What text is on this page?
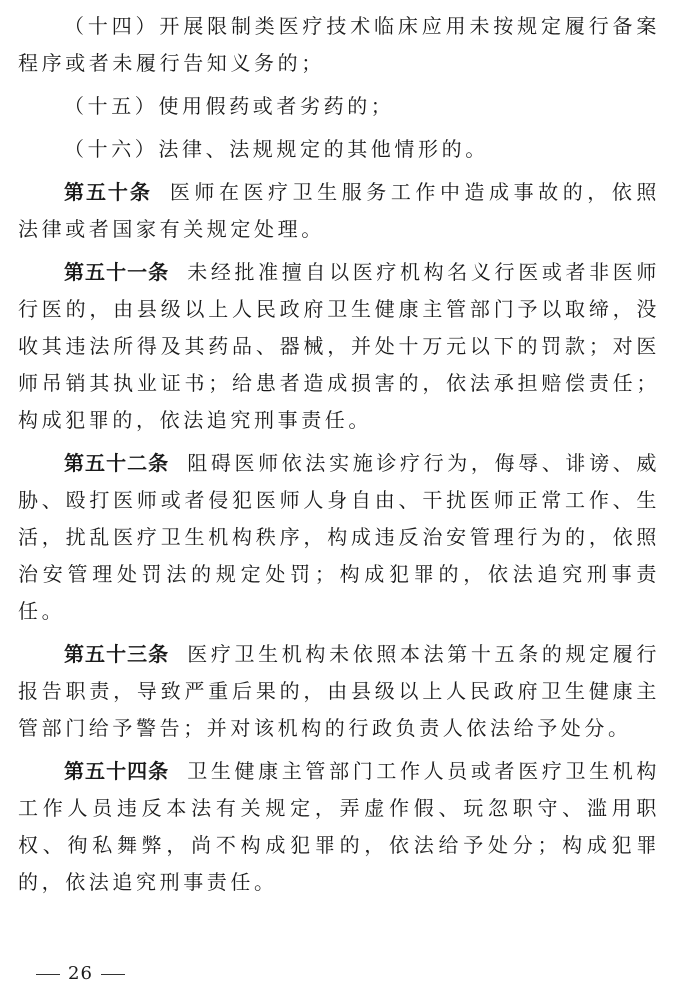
（十四）开展限制类医疗技术临床应用未按规定履行备案程序或者未履行告知义务的；

（十五）使用假药或者劣药的；

（十六）法律、法规规定的其他情形的。

第五十条 医师在医疗卫生服务工作中造成事故的，依照法律或者国家有关规定处理。

第五十一条 未经批准擅自以医疗机构名义行医或者非医师行医的，由县级以上人民政府卫生健康主管部门予以取缔，没收其违法所得及其药品、器械，并处十万元以下的罚款；对医师吊销其执业证书；给患者造成损害的，依法承担赔偿责任；构成犯罪的，依法追究刑事责任。

第五十二条 阻碍医师依法实施诊疗行为，侮辱、诽谤、威胁、殴打医师或者侵犯医师人身自由、干扰医师正常工作、生活，扰乱医疗卫生机构秩序，构成违反治安管理行为的，依照治安管理处罚法的规定处罚；构成犯罪的，依法追究刑事责任。

第五十三条 医疗卫生机构未依照本法第十五条的规定履行报告职责，导致严重后果的，由县级以上人民政府卫生健康主管部门给予警告；并对该机构的行政负责人依法给予处分。

第五十四条 卫生健康主管部门工作人员或者医疗卫生机构工作人员违反本法有关规定，弄虚作假、玩忽职守、滥用职权、徇私舞弊，尚不构成犯罪的，依法给予处分；构成犯罪的，依法追究刑事责任。

26
